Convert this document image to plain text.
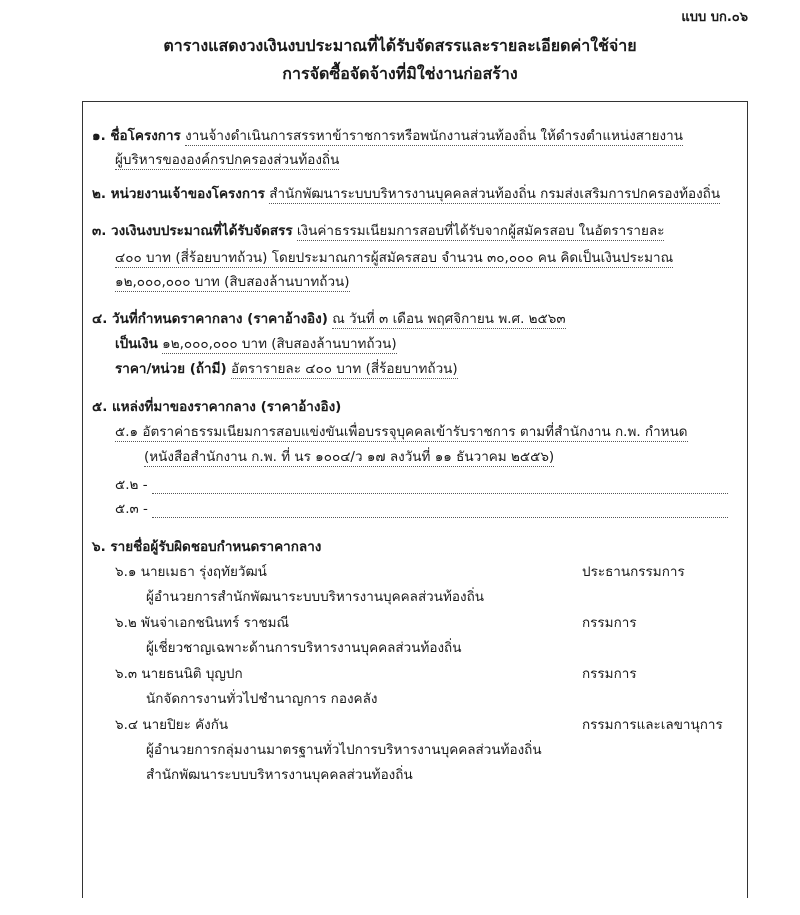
แบบ บก.๐๖
ตารางแสดงวงเงินงบประมาณที่ได้รับจัดสรรและรายละเอียดค่าใช้จ่าย
การจัดซื้อจัดจ้างที่มิใช่งานก่อสร้าง
๑. ชื่อโครงการ งานจ้างดำเนินการสรรหาข้าราชการหรือพนักงานส่วนท้องถิ่น ให้ดำรงตำแหน่งสายงาน
ผู้บริหารขององค์กรปกครองส่วนท้องถิ่น
๒. หน่วยงานเจ้าของโครงการ สำนักพัฒนาระบบบริหารงานบุคคลส่วนท้องถิ่น กรมส่งเสริมการปกครองท้องถิ่น
๓. วงเงินงบประมาณที่ได้รับจัดสรร เงินค่าธรรมเนียมการสอบที่ได้รับจากผู้สมัครสอบ ในอัตรารายละ
๔๐๐ บาท (สี่ร้อยบาทถ้วน) โดยประมาณการผู้สมัครสอบ จำนวน ๓๐,๐๐๐ คน คิดเป็นเงินประมาณ
๑๒,๐๐๐,๐๐๐ บาท (สิบสองล้านบาทถ้วน)
๔. วันที่กำหนดราคากลาง (ราคาอ้างอิง) ณ วันที่ ๓ เดือน พฤศจิกายน พ.ศ. ๒๕๖๓
เป็นเงิน ๑๒,๐๐๐,๐๐๐ บาท (สิบสองล้านบาทถ้วน)
ราคา/หน่วย (ถ้ามี) อัตรารายละ ๔๐๐ บาท (สี่ร้อยบาทถ้วน)
๕. แหล่งที่มาของราคากลาง (ราคาอ้างอิง)
๕.๑ อัตราค่าธรรมเนียมการสอบแข่งขันเพื่อบรรจุบุคคลเข้ารับราชการ ตามที่สำนักงาน ก.พ. กำหนด
(หนังสือสำนักงาน ก.พ. ที่ นร ๑๐๐๔/ว ๑๗ ลงวันที่ ๑๑ ธันวาคม ๒๕๕๖)
๕.๒ -
๕.๓ -
๖. รายชื่อผู้รับผิดชอบกำหนดราคากลาง
๖.๑ นายเมธา รุ่งฤทัยวัฒน์	ประธานกรรมการ
ผู้อำนวยการสำนักพัฒนาระบบบริหารงานบุคคลส่วนท้องถิ่น
๖.๒ พันจ่าเอกชนินทร์ ราชมณี	กรรมการ
ผู้เชี่ยวชาญเฉพาะด้านการบริหารงานบุคคลส่วนท้องถิ่น
๖.๓ นายธนนิติ บุญปก	กรรมการ
นักจัดการงานทั่วไปชำนาญการ กองคลัง
๖.๔ นายปิยะ คังกัน	กรรมการและเลขานุการ
ผู้อำนวยการกลุ่มงานมาตรฐานทั่วไปการบริหารงานบุคคลส่วนท้องถิ่น
สำนักพัฒนาระบบบริหารงานบุคคลส่วนท้องถิ่น
